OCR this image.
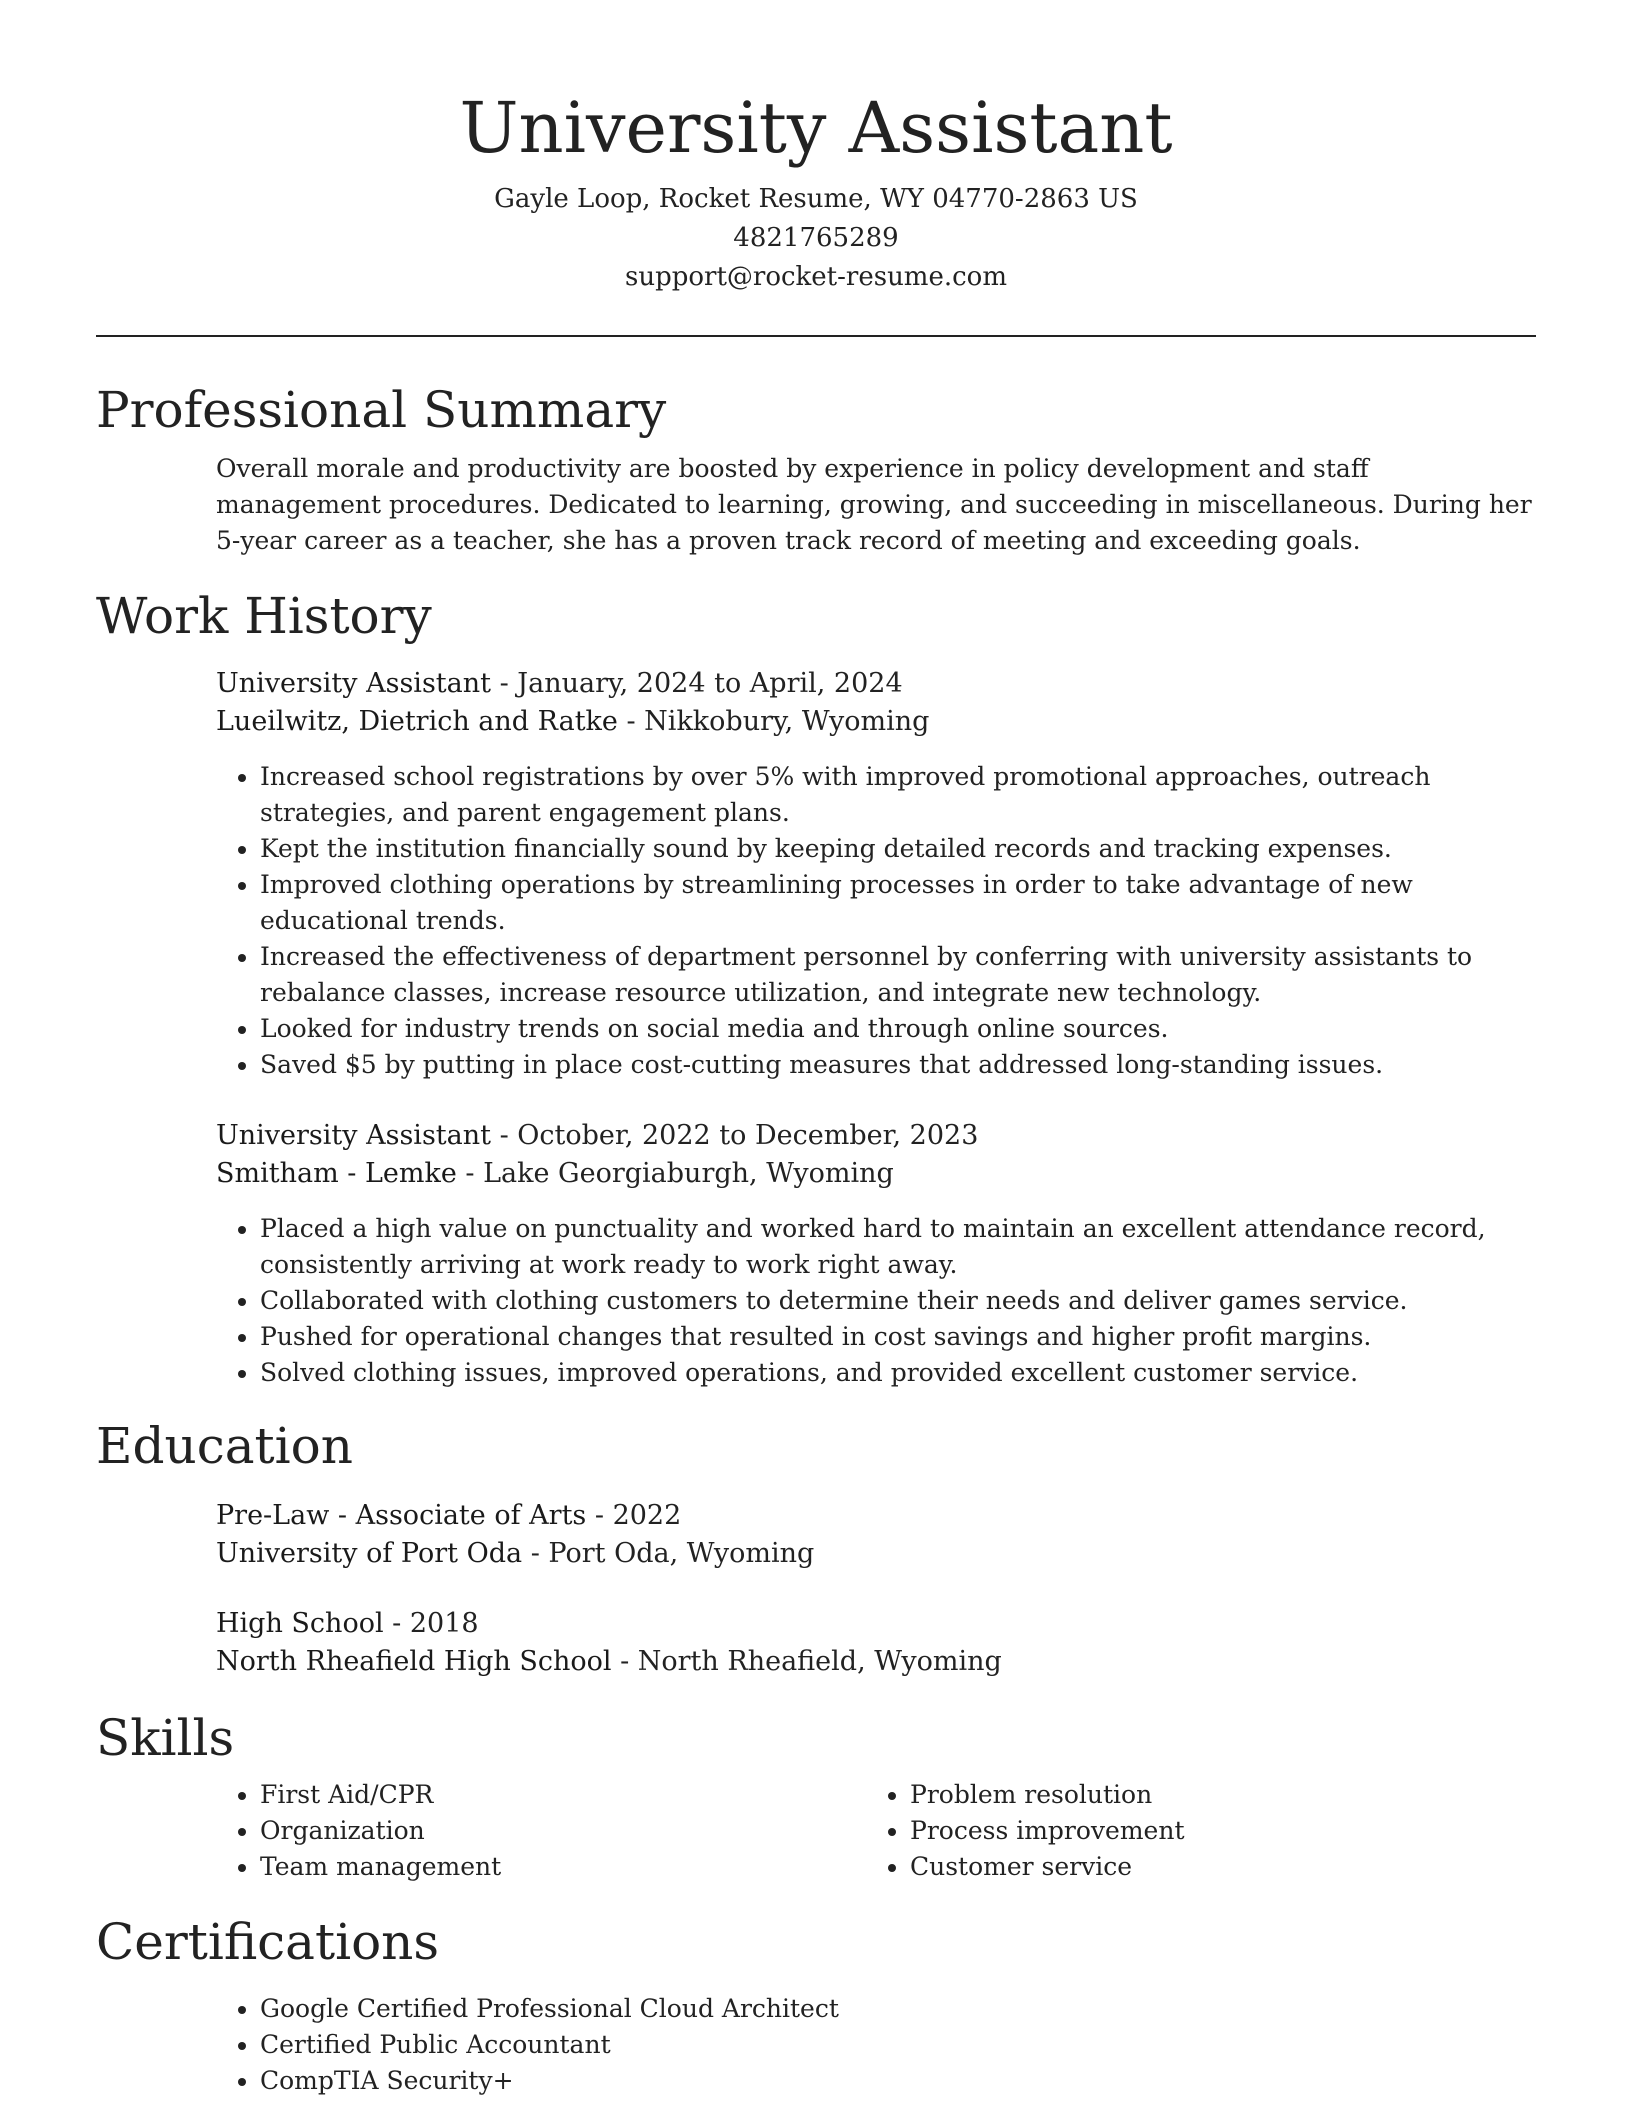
University Assistant
Gayle Loop, Rocket Resume, WY 04770-2863 US
4821765289
support@rocket-resume.com
Professional Summary
Overall morale and productivity are boosted by experience in policy development and staff management procedures. Dedicated to learning, growing, and succeeding in miscellaneous. During her 5-year career as a teacher, she has a proven track record of meeting and exceeding goals.
Work History
University Assistant - January, 2024 to April, 2024
Lueilwitz, Dietrich and Ratke - Nikkobury, Wyoming
• Increased school registrations by over 5% with improved promotional approaches, outreach strategies, and parent engagement plans.
• Kept the institution financially sound by keeping detailed records and tracking expenses.
• Improved clothing operations by streamlining processes in order to take advantage of new educational trends.
• Increased the effectiveness of department personnel by conferring with university assistants to rebalance classes, increase resource utilization, and integrate new technology.
• Looked for industry trends on social media and through online sources.
• Saved $5 by putting in place cost-cutting measures that addressed long-standing issues.
University Assistant - October, 2022 to December, 2023
Smitham - Lemke - Lake Georgiaburgh, Wyoming
• Placed a high value on punctuality and worked hard to maintain an excellent attendance record, consistently arriving at work ready to work right away.
• Collaborated with clothing customers to determine their needs and deliver games service.
• Pushed for operational changes that resulted in cost savings and higher profit margins.
• Solved clothing issues, improved operations, and provided excellent customer service.
Education
Pre-Law - Associate of Arts - 2022
University of Port Oda - Port Oda, Wyoming
High School - 2018
North Rheafield High School - North Rheafield, Wyoming
Skills
• First Aid/CPR
• Organization
• Team management
• Problem resolution
• Process improvement
• Customer service
Certifications
• Google Certified Professional Cloud Architect
• Certified Public Accountant
• CompTIA Security+
